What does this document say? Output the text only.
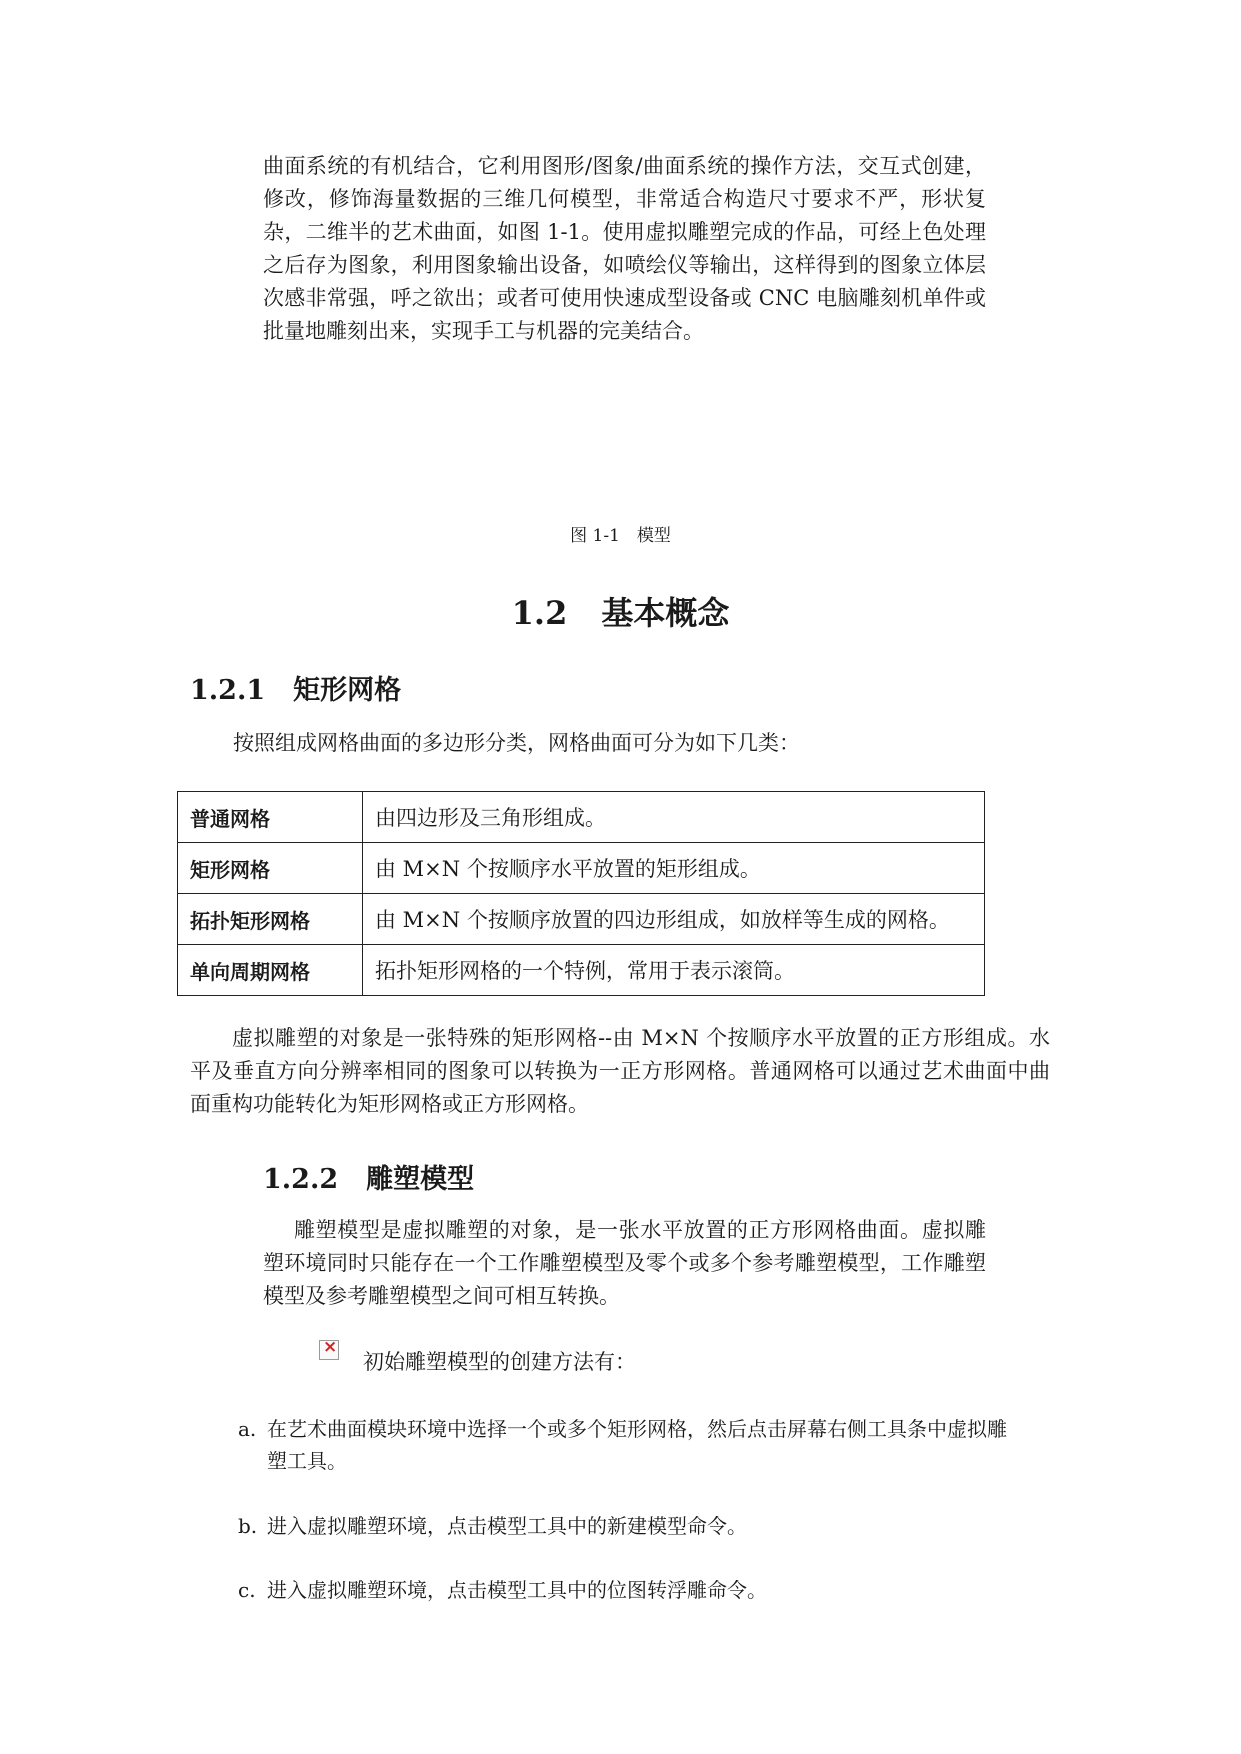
曲面系统的有机结合，它利用图形/图象/曲面系统的操作方法，交互式创建，修改，修饰海量数据的三维几何模型，非常适合构造尺寸要求不严，形状复杂，二维半的艺术曲面，如图 1-1。使用虚拟雕塑完成的作品，可经上色处理之后存为图象，利用图象输出设备，如喷绘仪等输出，这样得到的图象立体层次感非常强，呼之欲出；或者可使用快速成型设备或 CNC 电脑雕刻机单件或批量地雕刻出来，实现手工与机器的完美结合。

图 1-1　模型
1.2 基本概念
1.2.1 矩形网格

按照组成网格曲面的多边形分类，网格曲面可分为如下几类：

普通网格	由四边形及三角形组成。
矩形网格	由 M×N 个按顺序水平放置的矩形组成。
拓扑矩形网格	由 M×N 个按顺序放置的四边形组成，如放样等生成的网格。
单向周期网格	拓扑矩形网格的一个特例，常用于表示滚筒。

虚拟雕塑的对象是一张特殊的矩形网格--由 M×N 个按顺序水平放置的正方形组成。水平及垂直方向分辨率相同的图象可以转换为一正方形网格。普通网格可以通过艺术曲面中曲面重构功能转化为矩形网格或正方形网格。

1.2.2 雕塑模型

雕塑模型是虚拟雕塑的对象，是一张水平放置的正方形网格曲面。虚拟雕塑环境同时只能存在一个工作雕塑模型及零个或多个参考雕塑模型，工作雕塑模型及参考雕塑模型之间可相互转换。

×
初始雕塑模型的创建方法有：
a. 在艺术曲面模块环境中选择一个或多个矩形网格，然后点击屏幕右侧工具条中虚拟雕塑工具。
b. 进入虚拟雕塑环境，点击模型工具中的新建模型命令。
c. 进入虚拟雕塑环境，点击模型工具中的位图转浮雕命令。
